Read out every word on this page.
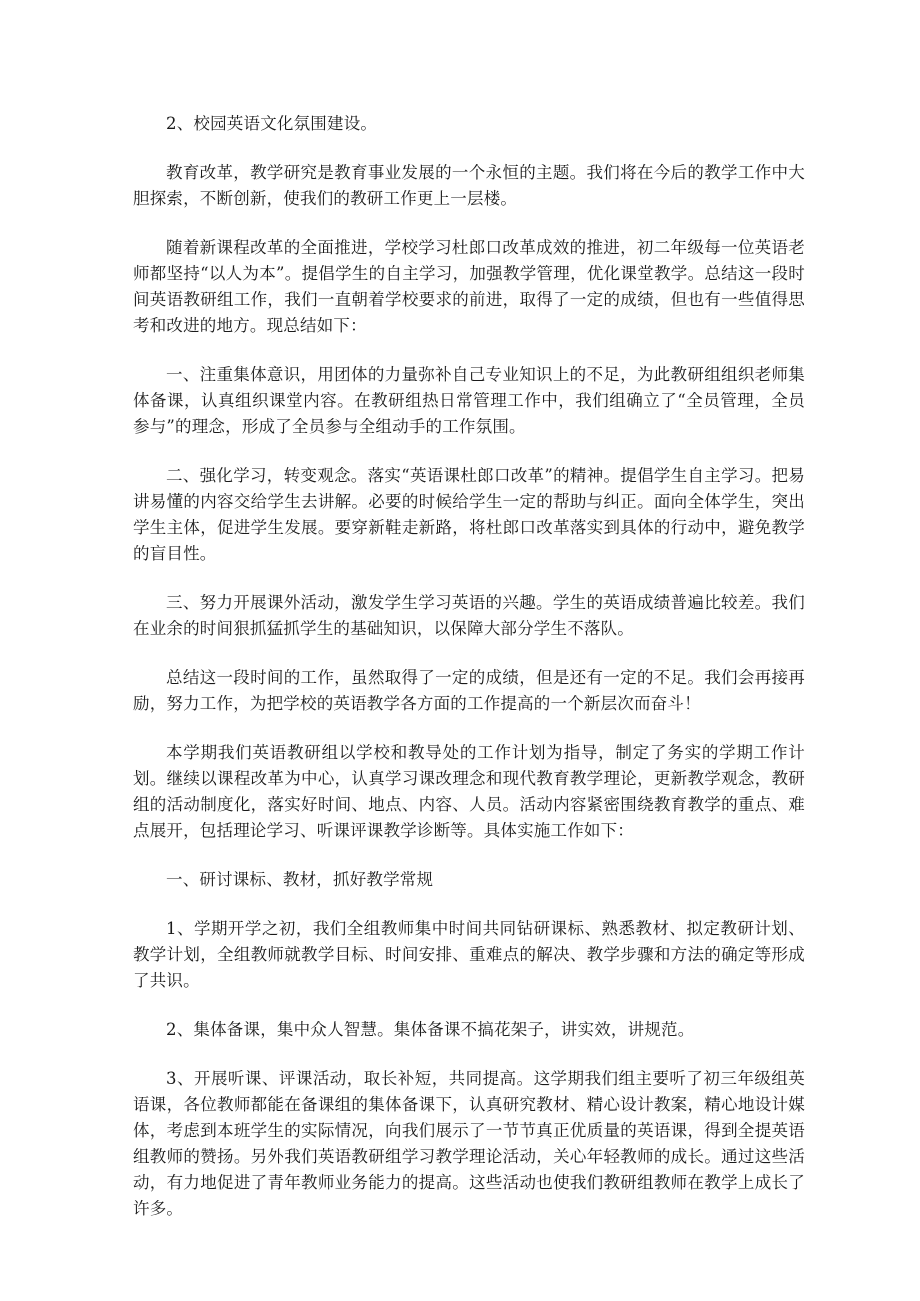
2、校园英语文化氛围建设。

教育改革，教学研究是教育事业发展的一个永恒的主题。我们将在今后的教学工作中大胆探索，不断创新，使我们的教研工作更上一层楼。

随着新课程改革的全面推进，学校学习杜郎口改革成效的推进，初二年级每一位英语老师都坚持“以人为本”。提倡学生的自主学习，加强教学管理，优化课堂教学。总结这一段时间英语教研组工作，我们一直朝着学校要求的前进，取得了一定的成绩，但也有一些值得思考和改进的地方。现总结如下：

一、注重集体意识，用团体的力量弥补自己专业知识上的不足，为此教研组组织老师集体备课，认真组织课堂内容。在教研组热日常管理工作中，我们组确立了“全员管理，全员参与”的理念，形成了全员参与全组动手的工作氛围。

二、强化学习，转变观念。落实“英语课杜郎口改革”的精神。提倡学生自主学习。把易讲易懂的内容交给学生去讲解。必要的时候给学生一定的帮助与纠正。面向全体学生，突出学生主体，促进学生发展。要穿新鞋走新路，将杜郎口改革落实到具体的行动中，避免教学的盲目性。

三、努力开展课外活动，激发学生学习英语的兴趣。学生的英语成绩普遍比较差。我们在业余的时间狠抓猛抓学生的基础知识，以保障大部分学生不落队。

总结这一段时间的工作，虽然取得了一定的成绩，但是还有一定的不足。我们会再接再励，努力工作，为把学校的英语教学各方面的工作提高的一个新层次而奋斗！

本学期我们英语教研组以学校和教导处的工作计划为指导，制定了务实的学期工作计划。继续以课程改革为中心，认真学习课改理念和现代教育教学理论，更新教学观念，教研组的活动制度化，落实好时间、地点、内容、人员。活动内容紧密围绕教育教学的重点、难点展开，包括理论学习、听课评课教学诊断等。具体实施工作如下：

一、研讨课标、教材，抓好教学常规

1、学期开学之初，我们全组教师集中时间共同钻研课标、熟悉教材、拟定教研计划、教学计划，全组教师就教学目标、时间安排、重难点的解决、教学步骤和方法的确定等形成了共识。

2、集体备课，集中众人智慧。集体备课不搞花架子，讲实效，讲规范。

3、开展听课、评课活动，取长补短，共同提高。这学期我们组主要听了初三年级组英语课，各位教师都能在备课组的集体备课下，认真研究教材、精心设计教案，精心地设计媒体，考虑到本班学生的实际情况，向我们展示了一节节真正优质量的英语课，得到全提英语组教师的赞扬。另外我们英语教研组学习教学理论活动，关心年轻教师的成长。通过这些活动，有力地促进了青年教师业务能力的提高。这些活动也使我们教研组教师在教学上成长了许多。
